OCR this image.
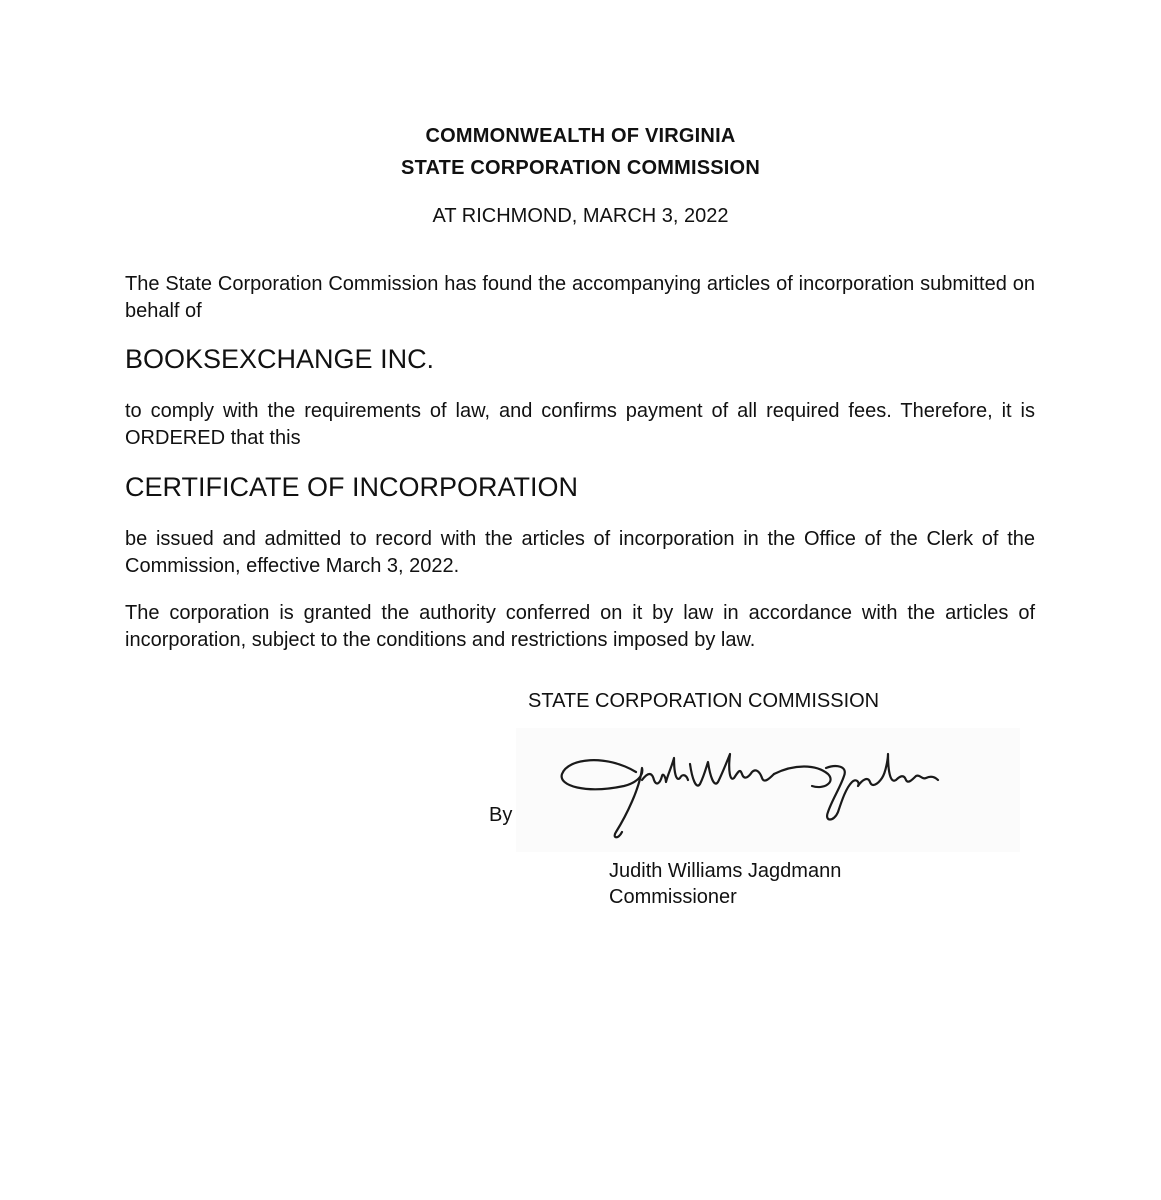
COMMONWEALTH OF VIRGINIA
STATE CORPORATION COMMISSION
AT RICHMOND, MARCH 3, 2022
The State Corporation Commission has found the accompanying articles of incorporation submitted on behalf of
BOOKSEXCHANGE INC.
to comply with the requirements of law, and confirms payment of all required fees. Therefore, it is ORDERED that this
CERTIFICATE OF INCORPORATION
be issued and admitted to record with the articles of incorporation in the Office of the Clerk of the Commission, effective March 3, 2022.
The corporation is granted the authority conferred on it by law in accordance with the articles of incorporation, subject to the conditions and restrictions imposed by law.
STATE CORPORATION COMMISSION
By
Judith Williams Jagdmann
Commissioner
